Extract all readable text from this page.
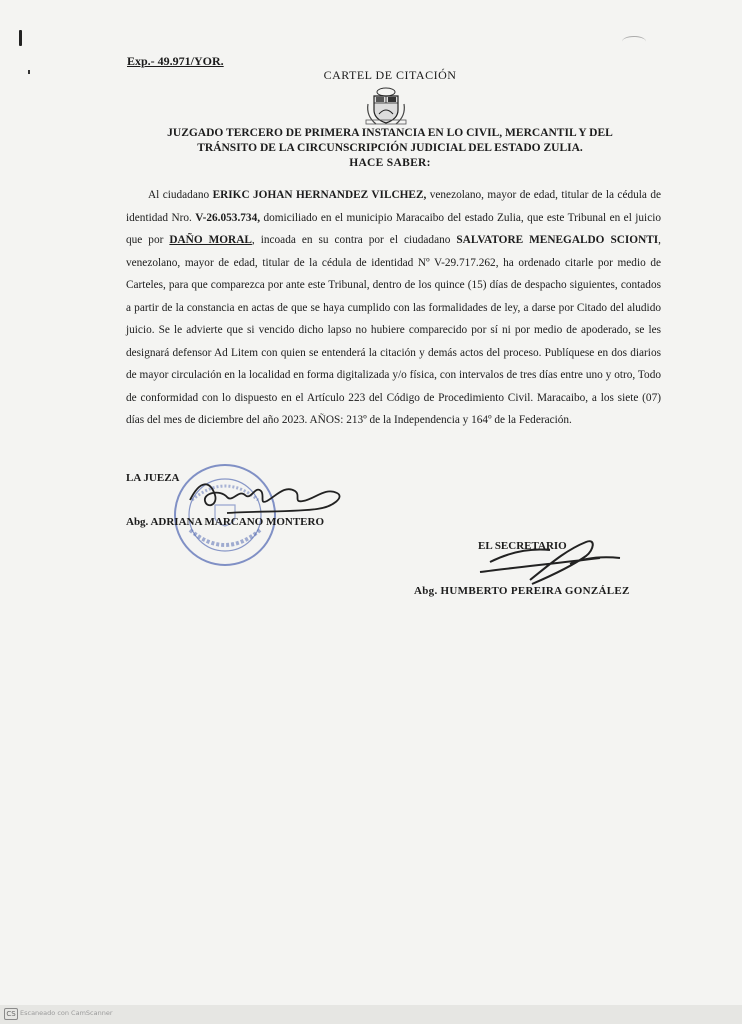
Exp.- 49.971/YOR.
CARTEL DE CITACIÓN
JUZGADO TERCERO DE PRIMERA INSTANCIA EN LO CIVIL, MERCANTIL Y DEL
TRÁNSITO DE LA CIRCUNSCRIPCIÓN JUDICIAL DEL ESTADO ZULIA.
HACE SABER:
Al ciudadano ERIKC JOHAN HERNANDEZ VILCHEZ, venezolano, mayor de edad, titular de la cédula de identidad Nro. V-26.053.734, domiciliado en el municipio Maracaibo del estado Zulia, que este Tribunal en el juicio que por DAÑO MORAL, incoada en su contra por el ciudadano SALVATORE MENEGALDO SCIONTI, venezolano, mayor de edad, titular de la cédula de identidad Nº V-29.717.262, ha ordenado citarle por medio de Carteles, para que comparezca por ante este Tribunal, dentro de los quince (15) días de despacho siguientes, contados a partir de la constancia en actas de que se haya cumplido con las formalidades de ley, a darse por Citado del aludido juicio. Se le advierte que si vencido dicho lapso no hubiere comparecido por sí ni por medio de apoderado, se les designará defensor Ad Litem con quien se entenderá la citación y demás actos del proceso. Publíquese en dos diarios de mayor circulación en la localidad en forma digitalizada y/o física, con intervalos de tres días entre uno y otro, Todo de conformidad con lo dispuesto en el Artículo 223 del Código de Procedimiento Civil. Maracaibo, a los siete (07) días del mes de diciembre del año 2023. AÑOS: 213º de la Independencia y 164º de la Federación.
LA JUEZA
Abg. ADRIANA MARCANO MONTERO
EL SECRETARIO
Abg. HUMBERTO PEREIRA GONZÁLEZ
CS Escaneado con CamScanner
